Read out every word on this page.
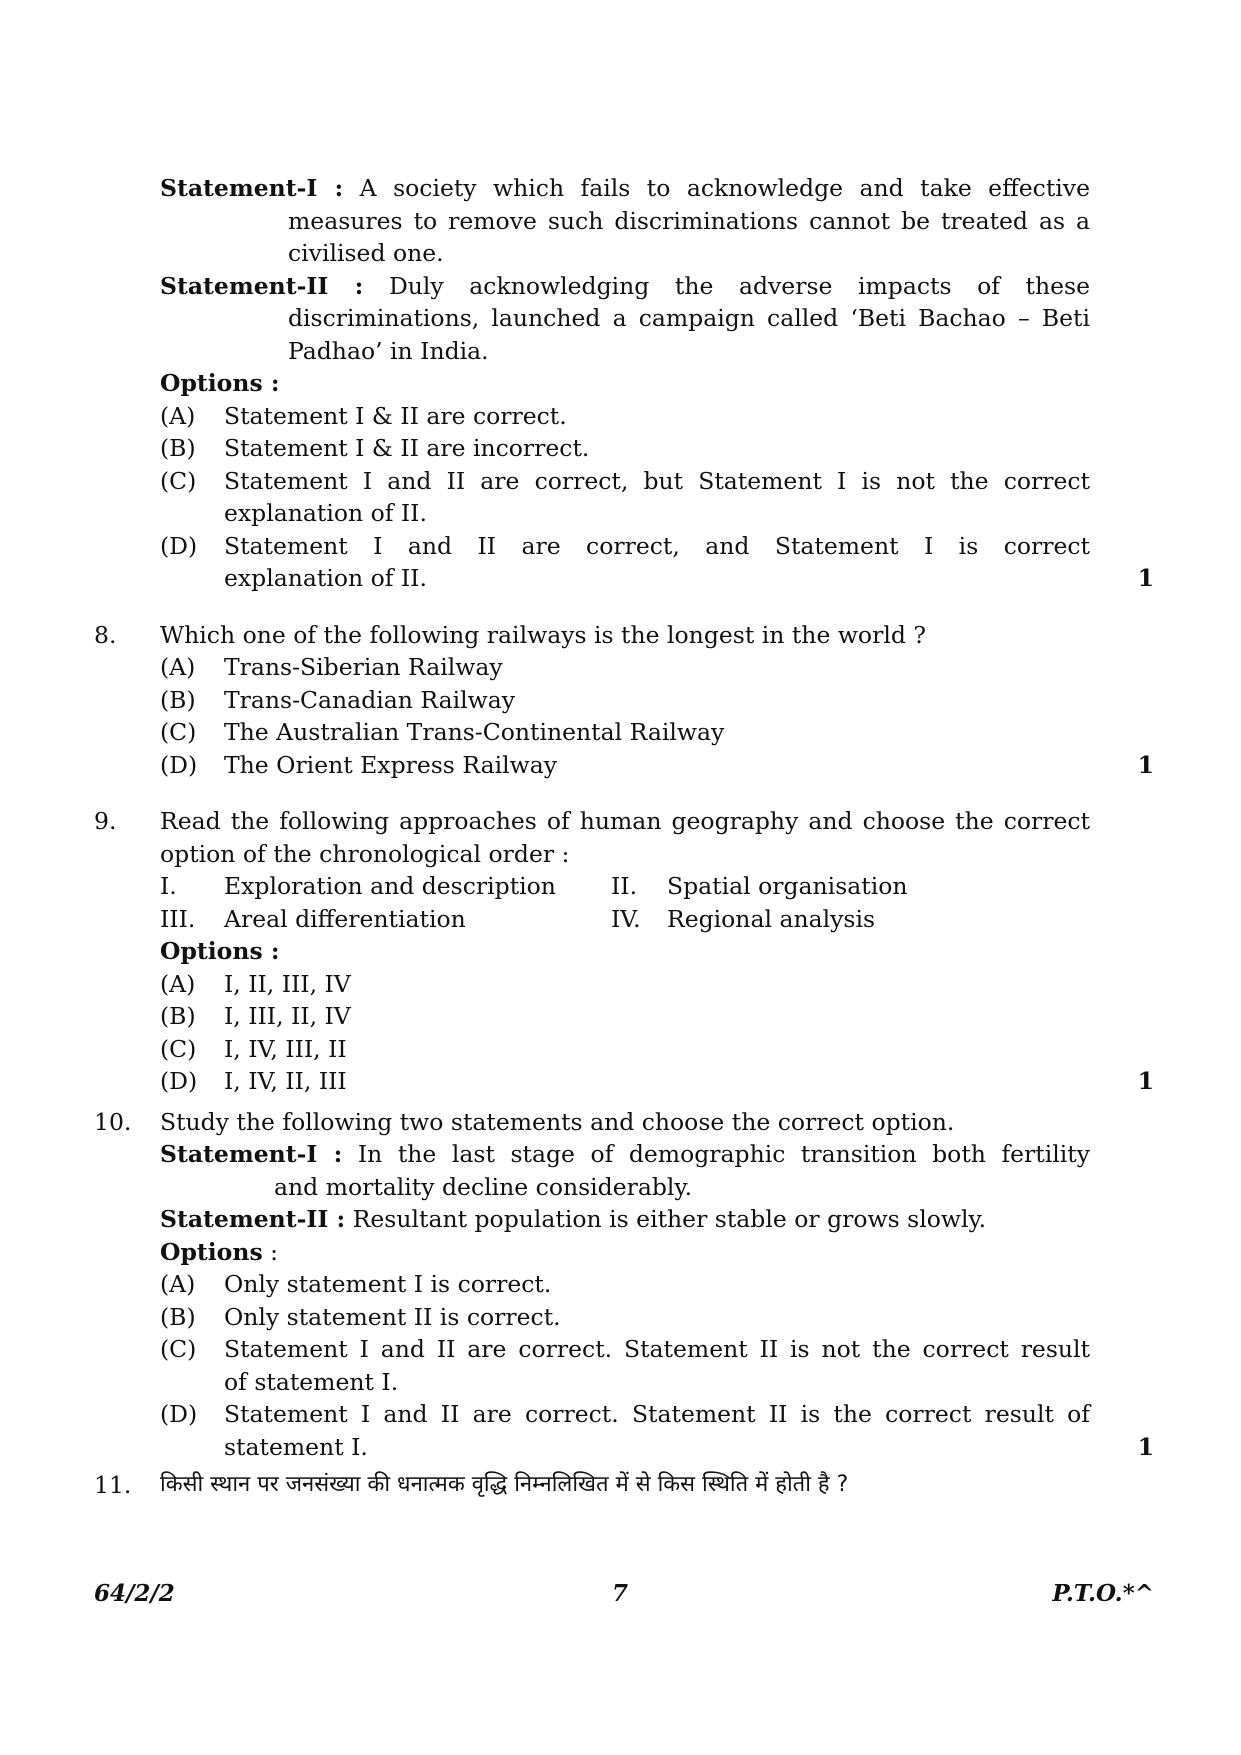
Statement-I : A society which fails to acknowledge and take effective
measures to remove such discriminations cannot be treated as a
civilised one.
Statement-II : Duly acknowledging the adverse impacts of these
discriminations, launched a campaign called ‘Beti Bachao – Beti
Padhao’ in India.
Options :
(A) Statement I & II are correct.
(B) Statement I & II are incorrect.
(C) Statement I and II are correct, but Statement I is not the correct
explanation of II.
(D) Statement I and II are correct, and Statement I is correct
explanation of II.	1
8. Which one of the following railways is the longest in the world ?
(A) Trans-Siberian Railway
(B) Trans-Canadian Railway
(C) The Australian Trans-Continental Railway
(D) The Orient Express Railway	1
9. Read the following approaches of human geography and choose the correct
option of the chronological order :
I. Exploration and description II. Spatial organisation
III. Areal differentiation	IV. Regional analysis
Options :
(A) I, II, III, IV
(B) I, III, II, IV
(C) I, IV, III, II
(D) I, IV, II, III	1
10. Study the following two statements and choose the correct option.
Statement-I : In the last stage of demographic transition both fertility
and mortality decline considerably.
Statement-II : Resultant population is either stable or grows slowly.
Options :
(A) Only statement I is correct.
(B) Only statement II is correct.
(C) Statement I and II are correct. Statement II is not the correct result
of statement I.
(D) Statement I and II are correct. Statement II is the correct result of
statement I.	1
11. किसी स्थान पर जनसंख्या की धनात्मक वृद्धि निम्नलिखित में से किस स्थिति में होती है ?
64/2/2	7	P.T.O.*^
